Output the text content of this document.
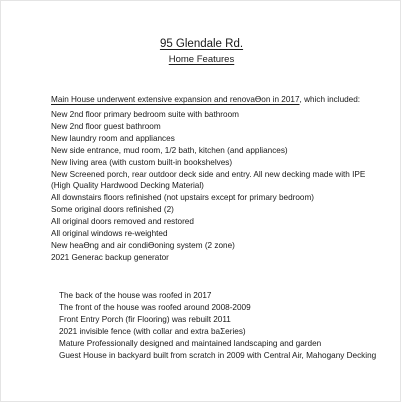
95 Glendale Rd.
Home Features
Main House underwent extensive expansion and renovaƟon in 2017, which included:
New 2nd floor primary bedroom suite with bathroom
New 2nd floor guest bathroom
New laundry room and appliances
New side entrance, mud room, 1/2 bath, kitchen (and appliances)
New living area (with custom built-in bookshelves)
New Screened porch, rear outdoor deck side and entry. All new decking made with IPE (High Quality Hardwood Decking Material)
All downstairs floors refinished (not upstairs except for primary bedroom)
Some original doors refinished (2)
All original doors removed and restored
All original windows re-weighted
New heaƟng and air condiƟoning system (2 zone)
2021 Generac backup generator
The back of the house was roofed in 2017
The front of the house was roofed around 2008-2009
Front Entry Porch (fir Flooring) was rebuilt 2011
2021 invisible fence (with collar and extra baƩeries)
Mature Professionally designed and maintained landscaping and garden
Guest House in backyard built from scratch in 2009 with Central Air, Mahogany Decking
